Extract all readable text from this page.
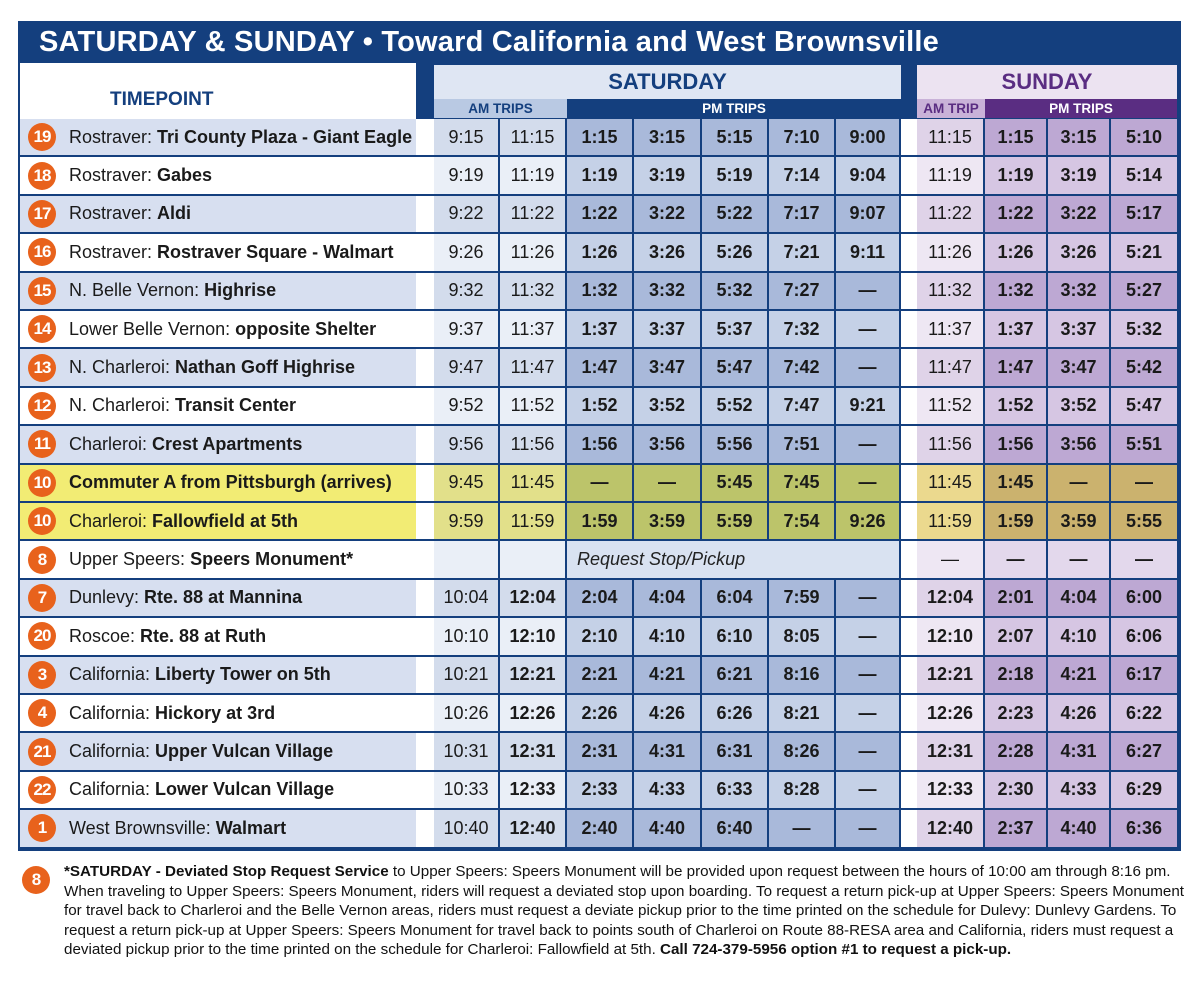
SATURDAY & SUNDAY • Toward California and West Brownsville
TIMEPOINT
SATURDAY	SUNDAY
AM TRIPS	PM TRIPS	AM TRIP	PM TRIPS
19	Rostraver: Tri County Plaza - Giant Eagle	9:15	11:15	1:15	3:15	5:15	7:10	9:00	11:15	1:15	3:15	5:10
18	Rostraver: Gabes	9:19	11:19	1:19	3:19	5:19	7:14	9:04	11:19	1:19	3:19	5:14
17	Rostraver: Aldi	9:22	11:22	1:22	3:22	5:22	7:17	9:07	11:22	1:22	3:22	5:17
16	Rostraver: Rostraver Square - Walmart	9:26	11:26	1:26	3:26	5:26	7:21	9:11	11:26	1:26	3:26	5:21
15	N. Belle Vernon: Highrise	9:32	11:32	1:32	3:32	5:32	7:27	—	11:32	1:32	3:32	5:27
14	Lower Belle Vernon: opposite Shelter	9:37	11:37	1:37	3:37	5:37	7:32	—	11:37	1:37	3:37	5:32
13	N. Charleroi: Nathan Goff Highrise	9:47	11:47	1:47	3:47	5:47	7:42	—	11:47	1:47	3:47	5:42
12	N. Charleroi: Transit Center	9:52	11:52	1:52	3:52	5:52	7:47	9:21	11:52	1:52	3:52	5:47
11	Charleroi: Crest Apartments	9:56	11:56	1:56	3:56	5:56	7:51	—	11:56	1:56	3:56	5:51
10	Commuter A from Pittsburgh (arrives)	9:45	11:45	—	—	5:45	7:45	—	11:45	1:45	—	—
10	Charleroi: Fallowfield at 5th	9:59	11:59	1:59	3:59	5:59	7:54	9:26	11:59	1:59	3:59	5:55
8	Upper Speers: Speers Monument*	Request Stop/Pickup	—	—	—	—
7	Dunlevy: Rte. 88 at Mannina	10:04	12:04	2:04	4:04	6:04	7:59	—	12:04	2:01	4:04	6:00
20	Roscoe: Rte. 88 at Ruth	10:10	12:10	2:10	4:10	6:10	8:05	—	12:10	2:07	4:10	6:06
3	California: Liberty Tower on 5th	10:21	12:21	2:21	4:21	6:21	8:16	—	12:21	2:18	4:21	6:17
4	California: Hickory at 3rd	10:26	12:26	2:26	4:26	6:26	8:21	—	12:26	2:23	4:26	6:22
21	California: Upper Vulcan Village	10:31	12:31	2:31	4:31	6:31	8:26	—	12:31	2:28	4:31	6:27
22	California: Lower Vulcan Village	10:33	12:33	2:33	4:33	6:33	8:28	—	12:33	2:30	4:33	6:29
1	West Brownsville: Walmart	10:40	12:40	2:40	4:40	6:40	—	—	12:40	2:37	4:40	6:36
8	*SATURDAY - Deviated Stop Request Service to Upper Speers: Speers Monument will be provided upon request between the hours of 10:00 am through 8:16 pm. When traveling to Upper Speers: Speers Monument, riders will request a deviated stop upon boarding. To request a return pick-up at Upper Speers: Speers Monument for travel back to Charleroi and the Belle Vernon areas, riders must request a deviate pickup prior to the time printed on the schedule for Dulevy: Dunlevy Gardens. To request a return pick-up at Upper Speers: Speers Monument for travel back to points south of Charleroi on Route 88-RESA area and California, riders must request a deviated pickup prior to the time printed on the schedule for Charleroi: Fallowfield at 5th. Call 724-379-5956 option #1 to request a pick-up.
